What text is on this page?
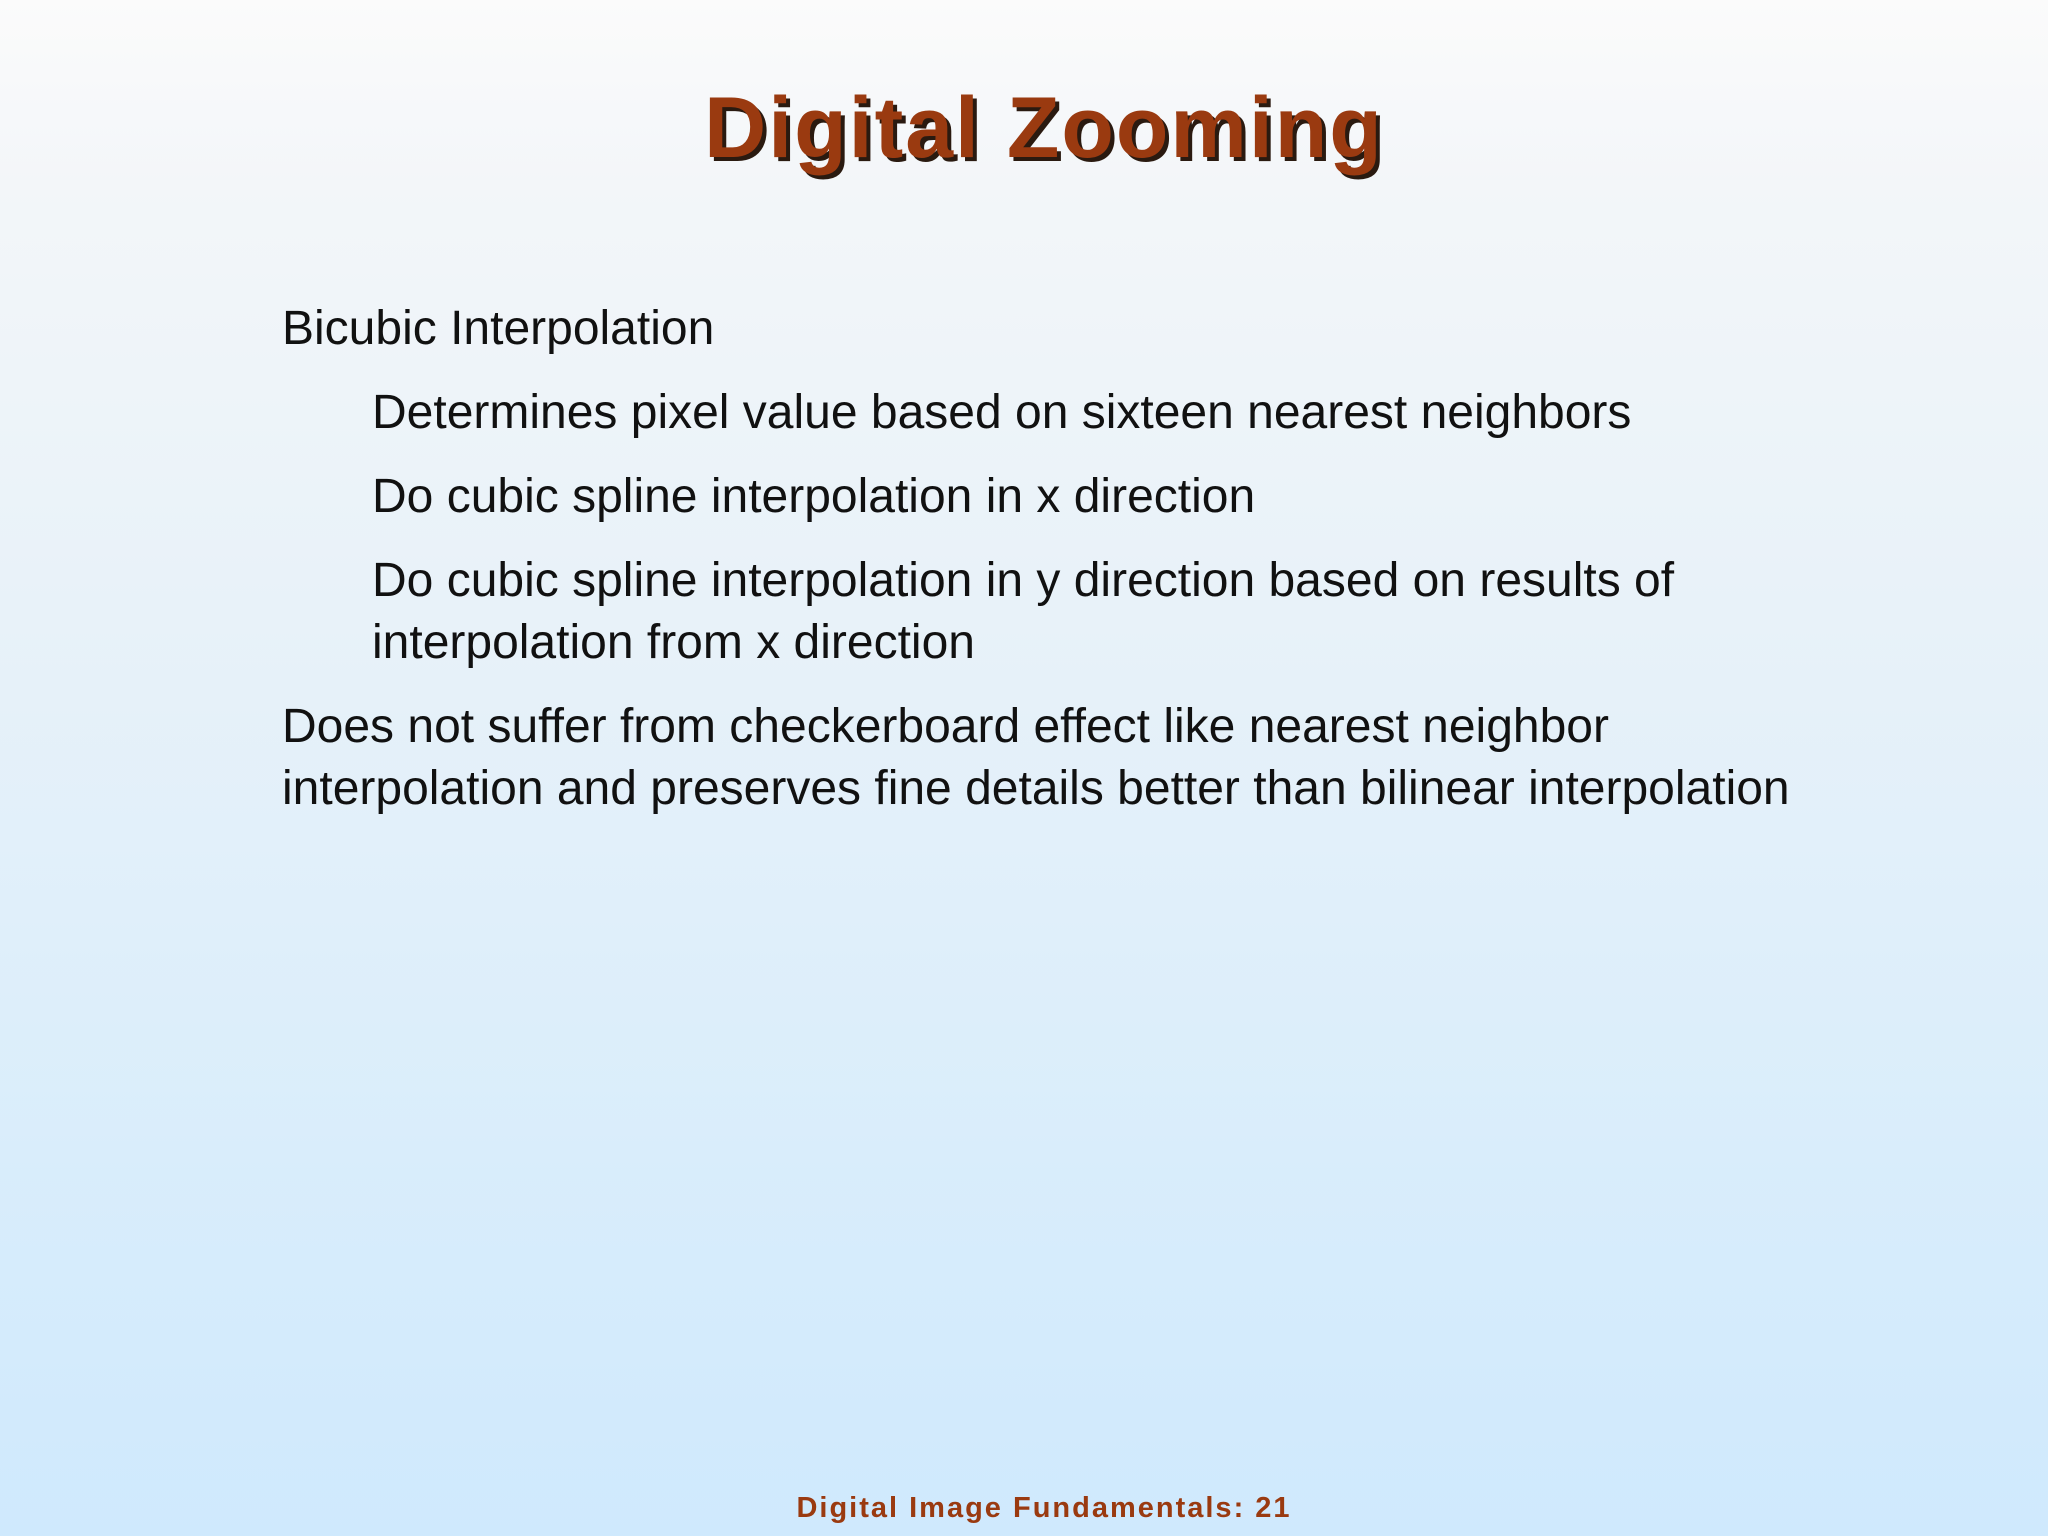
Digital Zooming

Bicubic Interpolation

Determines pixel value based on sixteen nearest neighbors

Do cubic spline interpolation in x direction

Do cubic spline interpolation in y direction based on results of interpolation from x direction

Does not suffer from checkerboard effect like nearest neighbor interpolation and preserves fine details better than bilinear interpolation

Digital Image Fundamentals: 21
